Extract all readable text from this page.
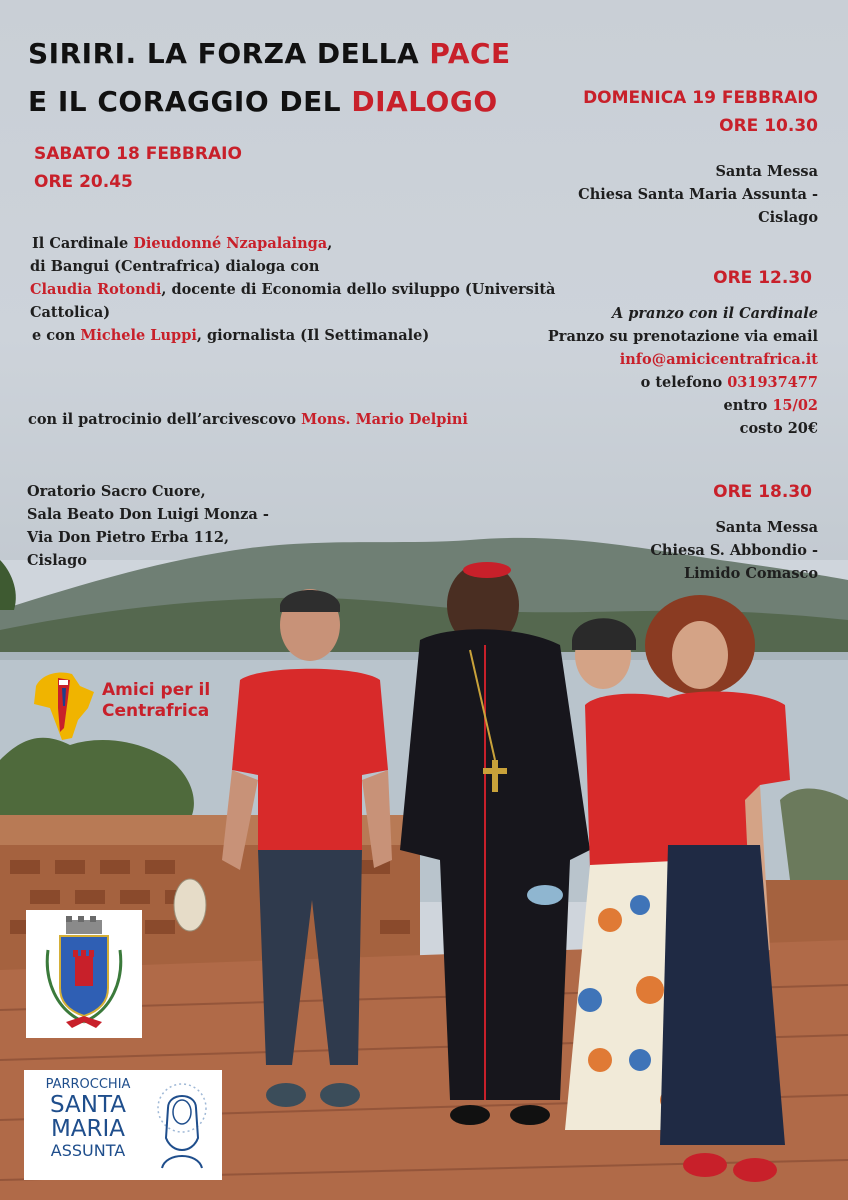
SIRIRI. LA FORZA DELLA PACE
E IL CORAGGIO DEL DIALOGO
SABATO 18 FEBBRAIO
ORE 20.45
Il Cardinale Dieudonné Nzapalainga,
di Bangui (Centrafrica) dialoga con
Claudia Rotondi, docente di Economia dello sviluppo (Università
Cattolica)
e con Michele Luppi, giornalista (Il Settimanale)
con il patrocinio dell’arcivescovo Mons. Mario Delpini
Oratorio Sacro Cuore,
Sala Beato Don Luigi Monza -
Via Don Pietro Erba 112,
Cislago
DOMENICA 19 FEBBRAIO
ORE 10.30
Santa Messa
Chiesa Santa Maria Assunta -
Cislago
ORE 12.30
A pranzo con il Cardinale
Pranzo su prenotazione via email
info@amicicentrafrica.it
o telefono 031937477
entro 15/02
costo 20€
ORE 18.30
Santa Messa
Chiesa S. Abbondio -
Limido Comasco
Amici per il
Centrafrica
PARROCCHIA
SANTA
MARIA
ASSUNTA
